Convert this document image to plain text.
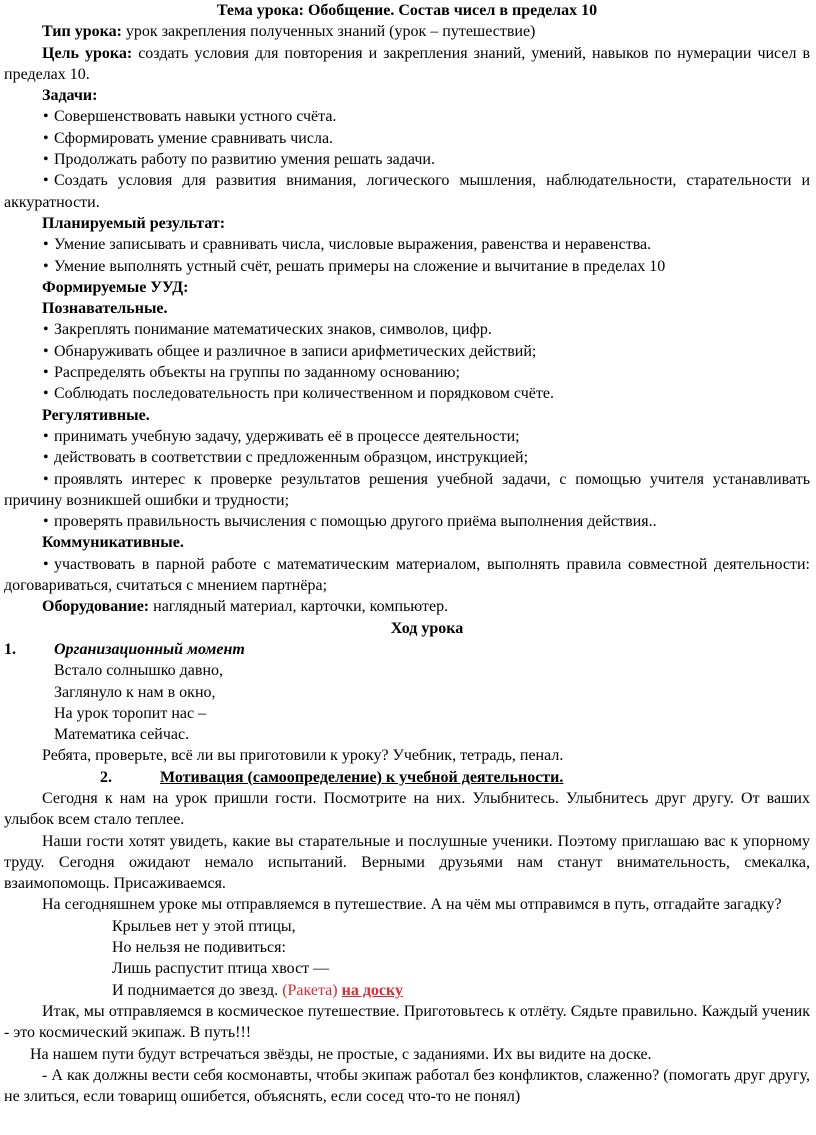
Тема урока: Обобщение. Состав чисел в пределах 10

Тип урока: урок закрепления полученных знаний (урок – путешествие)

Цель урока: создать условия для повторения и закрепления знаний, умений, навыков по нумерации чисел в пределах 10.

Задачи:

• Совершенствовать навыки устного счёта.

• Сформировать умение сравнивать числа.

• Продолжать работу по развитию умения решать задачи.

• Создать условия для развития внимания, логического мышления, наблюдательности, старательности и аккуратности.

Планируемый результат:

• Умение записывать и сравнивать числа, числовые выражения, равенства и неравенства.

• Умение выполнять устный счёт, решать примеры на сложение и вычитание в пределах 10

Формируемые УУД:

Познавательные.

• Закреплять понимание математических знаков, символов, цифр.

• Обнаруживать общее и различное в записи арифметических действий;

• Распределять объекты на группы по заданному основанию;

• Соблюдать последовательность при количественном и порядковом счёте.

Регулятивные.

• принимать учебную задачу, удерживать её в процессе деятельности;

• действовать в соответствии с предложенным образцом, инструкцией;

• проявлять интерес к проверке результатов решения учебной задачи, с помощью учителя устанавливать причину возникшей ошибки и трудности;

• проверять правильность вычисления с помощью другого приёма выполнения действия..

Коммуникативные.

• участвовать в парной работе с математическим материалом, выполнять правила совместной деятельности: договариваться, считаться с мнением партнёра;

Оборудование: наглядный материал, карточки, компьютер.

Ход урока

1. Организационный момент

Встало солнышко давно,

Заглянуло к нам в окно,

На урок торопит нас –

Математика сейчас.

Ребята, проверьте, всё ли вы приготовили к уроку? Учебник, тетрадь, пенал.

2.	Мотивация (самоопределение) к учебной деятельности.

Сегодня к нам на урок пришли гости. Посмотрите на них. Улыбнитесь. Улыбнитесь друг другу. От ваших улыбок всем стало теплее.

Наши гости хотят увидеть, какие вы старательные и послушные ученики. Поэтому приглашаю вас к упорному труду. Сегодня ожидают немало испытаний. Верными друзьями нам станут внимательность, смекалка, взаимопомощь. Присаживаемся.

На сегодняшнем уроке мы отправляемся в путешествие. А на чём мы отправимся в путь, отгадайте загадку?

Крыльев нет у этой птицы,

Но нельзя не подивиться:

Лишь распустит птица хвост —

И поднимается до звезд. (Ракета) на доску

Итак, мы отправляемся в космическое путешествие. Приготовьтесь к отлёту. Сядьте правильно. Каждый ученик - это космический экипаж. В путь!!!

На нашем пути будут встречаться звёзды, не простые, с заданиями. Их вы видите на доске.

- А как должны вести себя космонавты, чтобы экипаж работал без конфликтов, слаженно? (помогать друг другу, не злиться, если товарищ ошибется, объяснять, если сосед что-то не понял)
